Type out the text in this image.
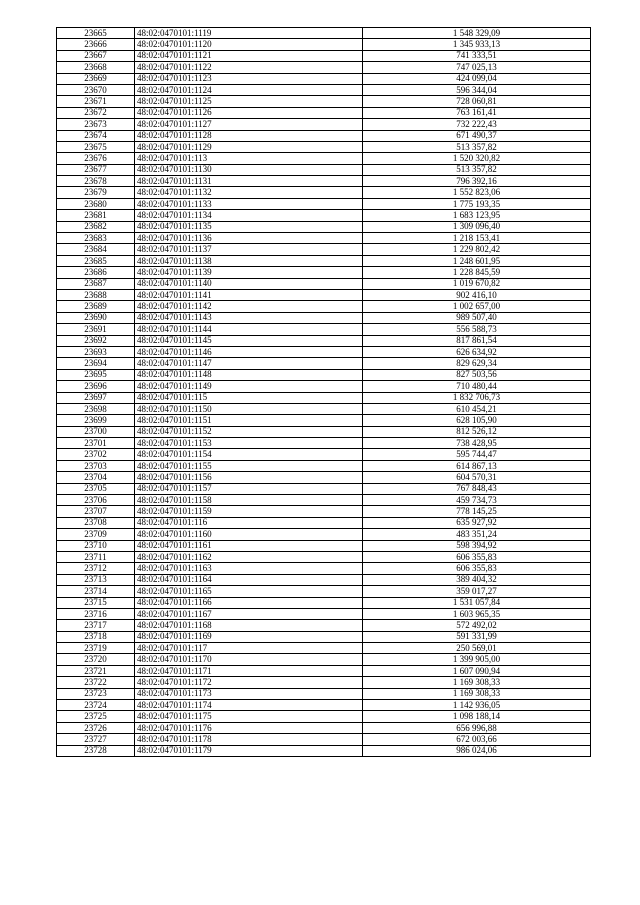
23665	48:02:0470101:1119	1 548 329,09
23666	48:02:0470101:1120	1 345 933,13
23667	48:02:0470101:1121	741 333,51
23668	48:02:0470101:1122	747 025,13
23669	48:02:0470101:1123	424 099,04
23670	48:02:0470101:1124	596 344,04
23671	48:02:0470101:1125	728 060,81
23672	48:02:0470101:1126	763 161,41
23673	48:02:0470101:1127	732 222,43
23674	48:02:0470101:1128	671 490,37
23675	48:02:0470101:1129	513 357,82
23676	48:02:0470101:113	1 520 320,82
23677	48:02:0470101:1130	513 357,82
23678	48:02:0470101:1131	796 392,16
23679	48:02:0470101:1132	1 552 823,06
23680	48:02:0470101:1133	1 775 193,35
23681	48:02:0470101:1134	1 683 123,95
23682	48:02:0470101:1135	1 309 096,40
23683	48:02:0470101:1136	1 218 153,41
23684	48:02:0470101:1137	1 229 802,42
23685	48:02:0470101:1138	1 248 601,95
23686	48:02:0470101:1139	1 228 845,59
23687	48:02:0470101:1140	1 019 670,82
23688	48:02:0470101:1141	902 416,10
23689	48:02:0470101:1142	1 002 657,00
23690	48:02:0470101:1143	989 507,40
23691	48:02:0470101:1144	556 588,73
23692	48:02:0470101:1145	817 861,54
23693	48:02:0470101:1146	626 634,92
23694	48:02:0470101:1147	829 629,34
23695	48:02:0470101:1148	827 503,56
23696	48:02:0470101:1149	710 480,44
23697	48:02:0470101:115	1 832 706,73
23698	48:02:0470101:1150	610 454,21
23699	48:02:0470101:1151	628 105,90
23700	48:02:0470101:1152	812 526,12
23701	48:02:0470101:1153	738 428,95
23702	48:02:0470101:1154	595 744,47
23703	48:02:0470101:1155	614 867,13
23704	48:02:0470101:1156	604 570,31
23705	48:02:0470101:1157	767 848,43
23706	48:02:0470101:1158	459 734,73
23707	48:02:0470101:1159	778 145,25
23708	48:02:0470101:116	635 927,92
23709	48:02:0470101:1160	483 351,24
23710	48:02:0470101:1161	598 394,92
23711	48:02:0470101:1162	606 355,83
23712	48:02:0470101:1163	606 355,83
23713	48:02:0470101:1164	389 404,32
23714	48:02:0470101:1165	359 017,27
23715	48:02:0470101:1166	1 531 057,84
23716	48:02:0470101:1167	1 603 965,35
23717	48:02:0470101:1168	572 492,02
23718	48:02:0470101:1169	591 331,99
23719	48:02:0470101:117	250 569,01
23720	48:02:0470101:1170	1 399 905,00
23721	48:02:0470101:1171	1 607 090,94
23722	48:02:0470101:1172	1 169 308,33
23723	48:02:0470101:1173	1 169 308,33
23724	48:02:0470101:1174	1 142 936,05
23725	48:02:0470101:1175	1 098 188,14
23726	48:02:0470101:1176	656 996,88
23727	48:02:0470101:1178	672 003,66
23728	48:02:0470101:1179	986 024,06
